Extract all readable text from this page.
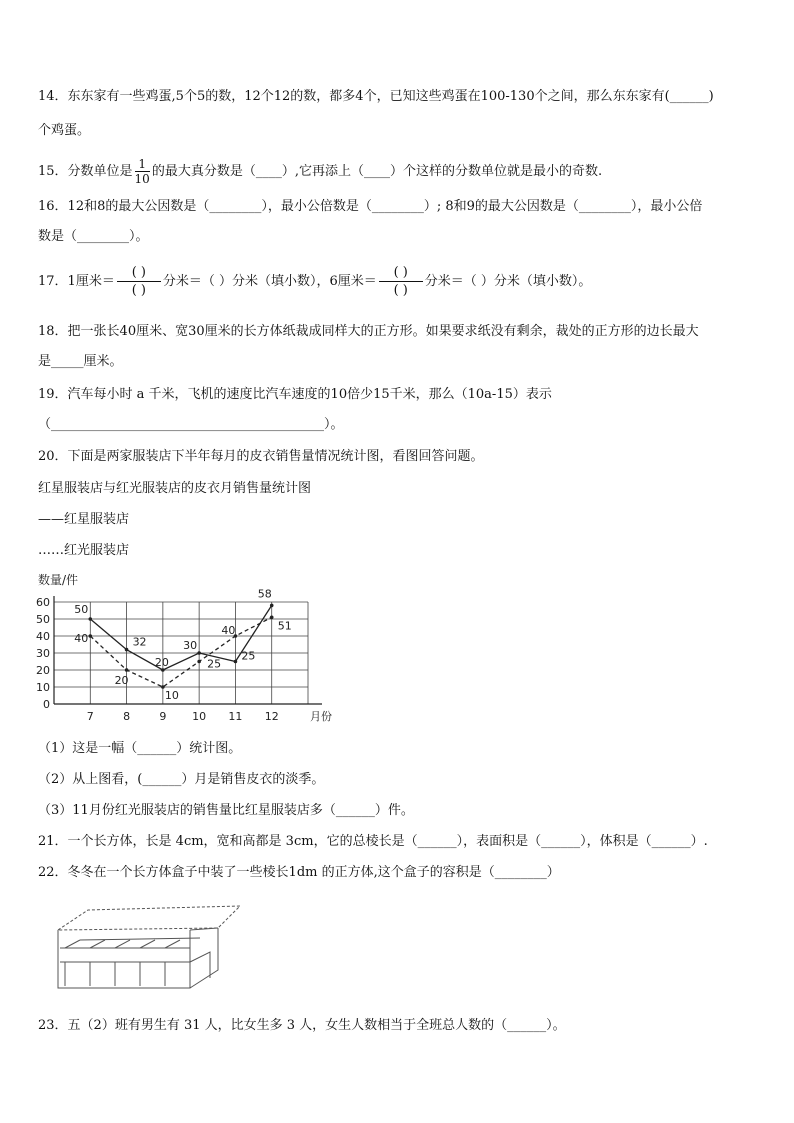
14．东东家有一些鸡蛋,5个5的数，12个12的数，都多4个，已知这些鸡蛋在100-130个之间，那么东东家有(______)
个鸡蛋。
15．分数单位是 $\frac{1}{10}$ 的最大真分数是（____）,它再添上（____）个这样的分数单位就是最小的奇数.
16．12和8的最大公因数是（________），最小公倍数是（________）; 8和9的最大公因数是（________），最小公倍
数是（________）。
17．1厘米＝
( )
( )
分米＝（ ）分米（填小数），6厘米＝
( )
( )
分米＝（ ）分米（填小数）。
18．把一张长40厘米、宽30厘米的长方体纸裁成同样大的正方形。如果要求纸没有剩余，裁处的正方形的边长最大
是_____厘米。
19．汽车每小时 a 千米，飞机的速度比汽车速度的10倍少15千米，那么（10a-15）表示
（__________________________________________）。
20．下面是两家服装店下半年每月的皮衣销售量情况统计图，看图回答问题。
红星服装店与红光服装店的皮衣月销售量统计图
——红星服装店
……红光服装店
0
10
20
30
40
50
60
数量/件
月份
7	8	9 10 11 12
50
32
20
30
25
58
40
20
10
25
40	51
（1）这是一幅（______）统计图。
（2）从上图看，(______）月是销售皮衣的淡季。
（3）11月份红光服装店的销售量比红星服装店多（______）件。
21．一个长方体，长是 4cm，宽和高都是 3cm，它的总棱长是（______），表面积是（______），体积是（______）.
22．冬冬在一个长方体盒子中装了一些棱长1dm 的正方体,这个盒子的容积是（________）
23．五（2）班有男生有 31 人，比女生多 3 人，女生人数相当于全班总人数的（______）。
